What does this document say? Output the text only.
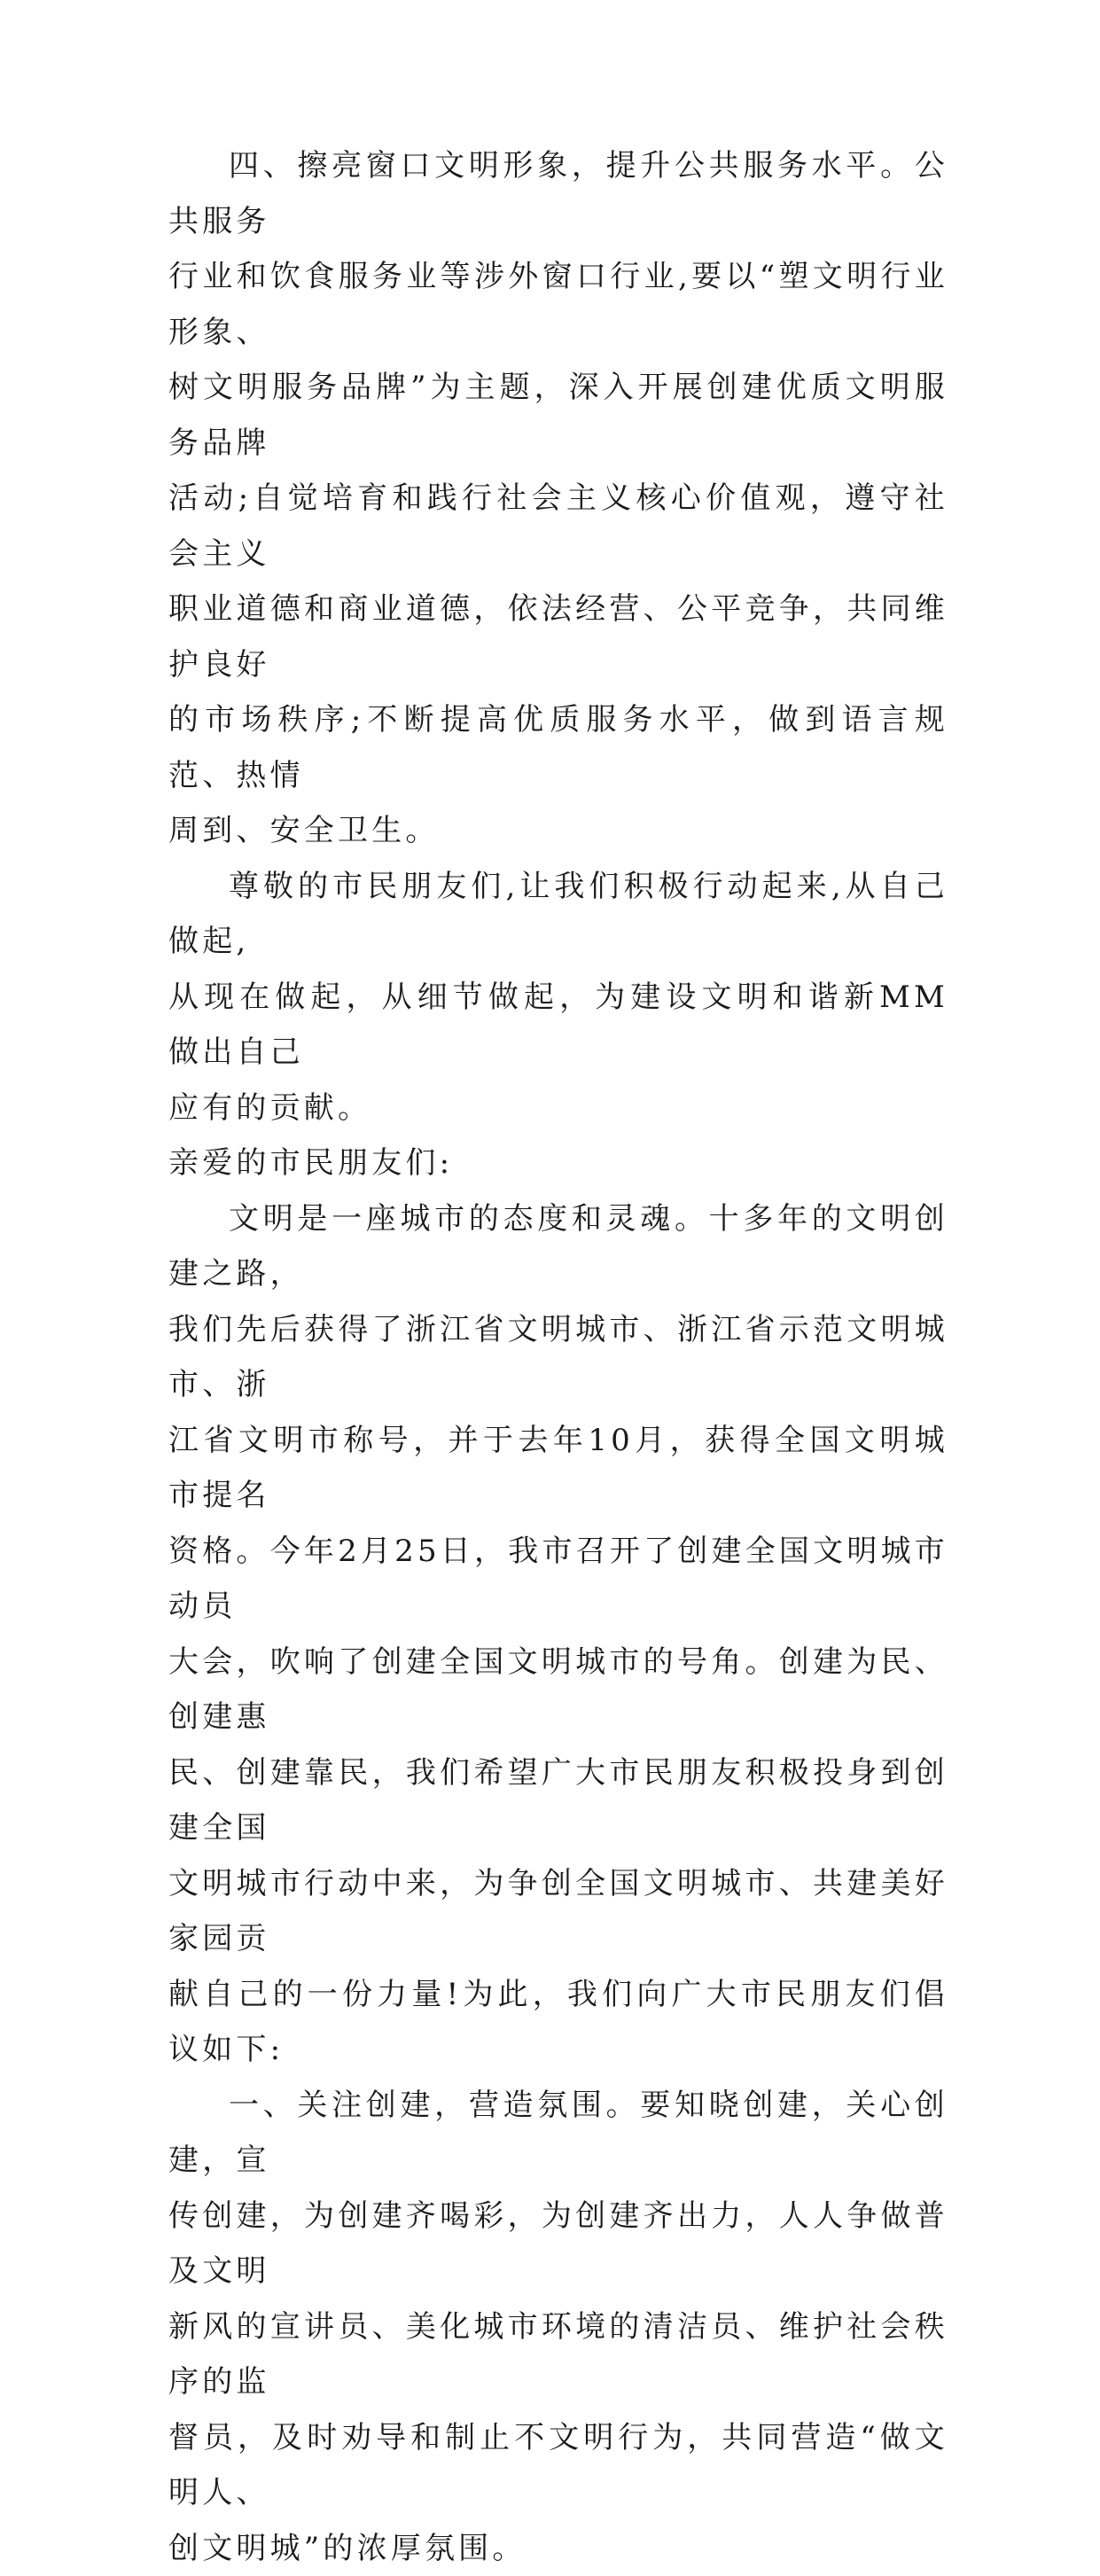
四、擦亮窗口文明形象，提升公共服务水平。公共服务
行业和饮食服务业等涉外窗口行业,要以“塑文明行业形象、
树文明服务品牌”为主题，深入开展创建优质文明服务品牌
活动;自觉培育和践行社会主义核心价值观，遵守社会主义
职业道德和商业道德，依法经营、公平竞争，共同维护良好
的市场秩序;不断提高优质服务水平，做到语言规范、热情
周到、安全卫生。

尊敬的市民朋友们,让我们积极行动起来,从自己做起,
从现在做起，从细节做起，为建设文明和谐新MM做出自己
应有的贡献。

亲爱的市民朋友们:

文明是一座城市的态度和灵魂。十多年的文明创建之路，
我们先后获得了浙江省文明城市、浙江省示范文明城市、浙
江省文明市称号，并于去年10月，获得全国文明城市提名
资格。今年2月25日，我市召开了创建全国文明城市动员
大会，吹响了创建全国文明城市的号角。创建为民、创建惠
民、创建靠民，我们希望广大市民朋友积极投身到创建全国
文明城市行动中来，为争创全国文明城市、共建美好家园贡
献自己的一份力量!为此，我们向广大市民朋友们倡议如下:

一、关注创建，营造氛围。要知晓创建，关心创建，宣
传创建，为创建齐喝彩，为创建齐出力，人人争做普及文明
新风的宣讲员、美化城市环境的清洁员、维护社会秩序的监
督员，及时劝导和制止不文明行为，共同营造“做文明人、
创文明城”的浓厚氛围。
